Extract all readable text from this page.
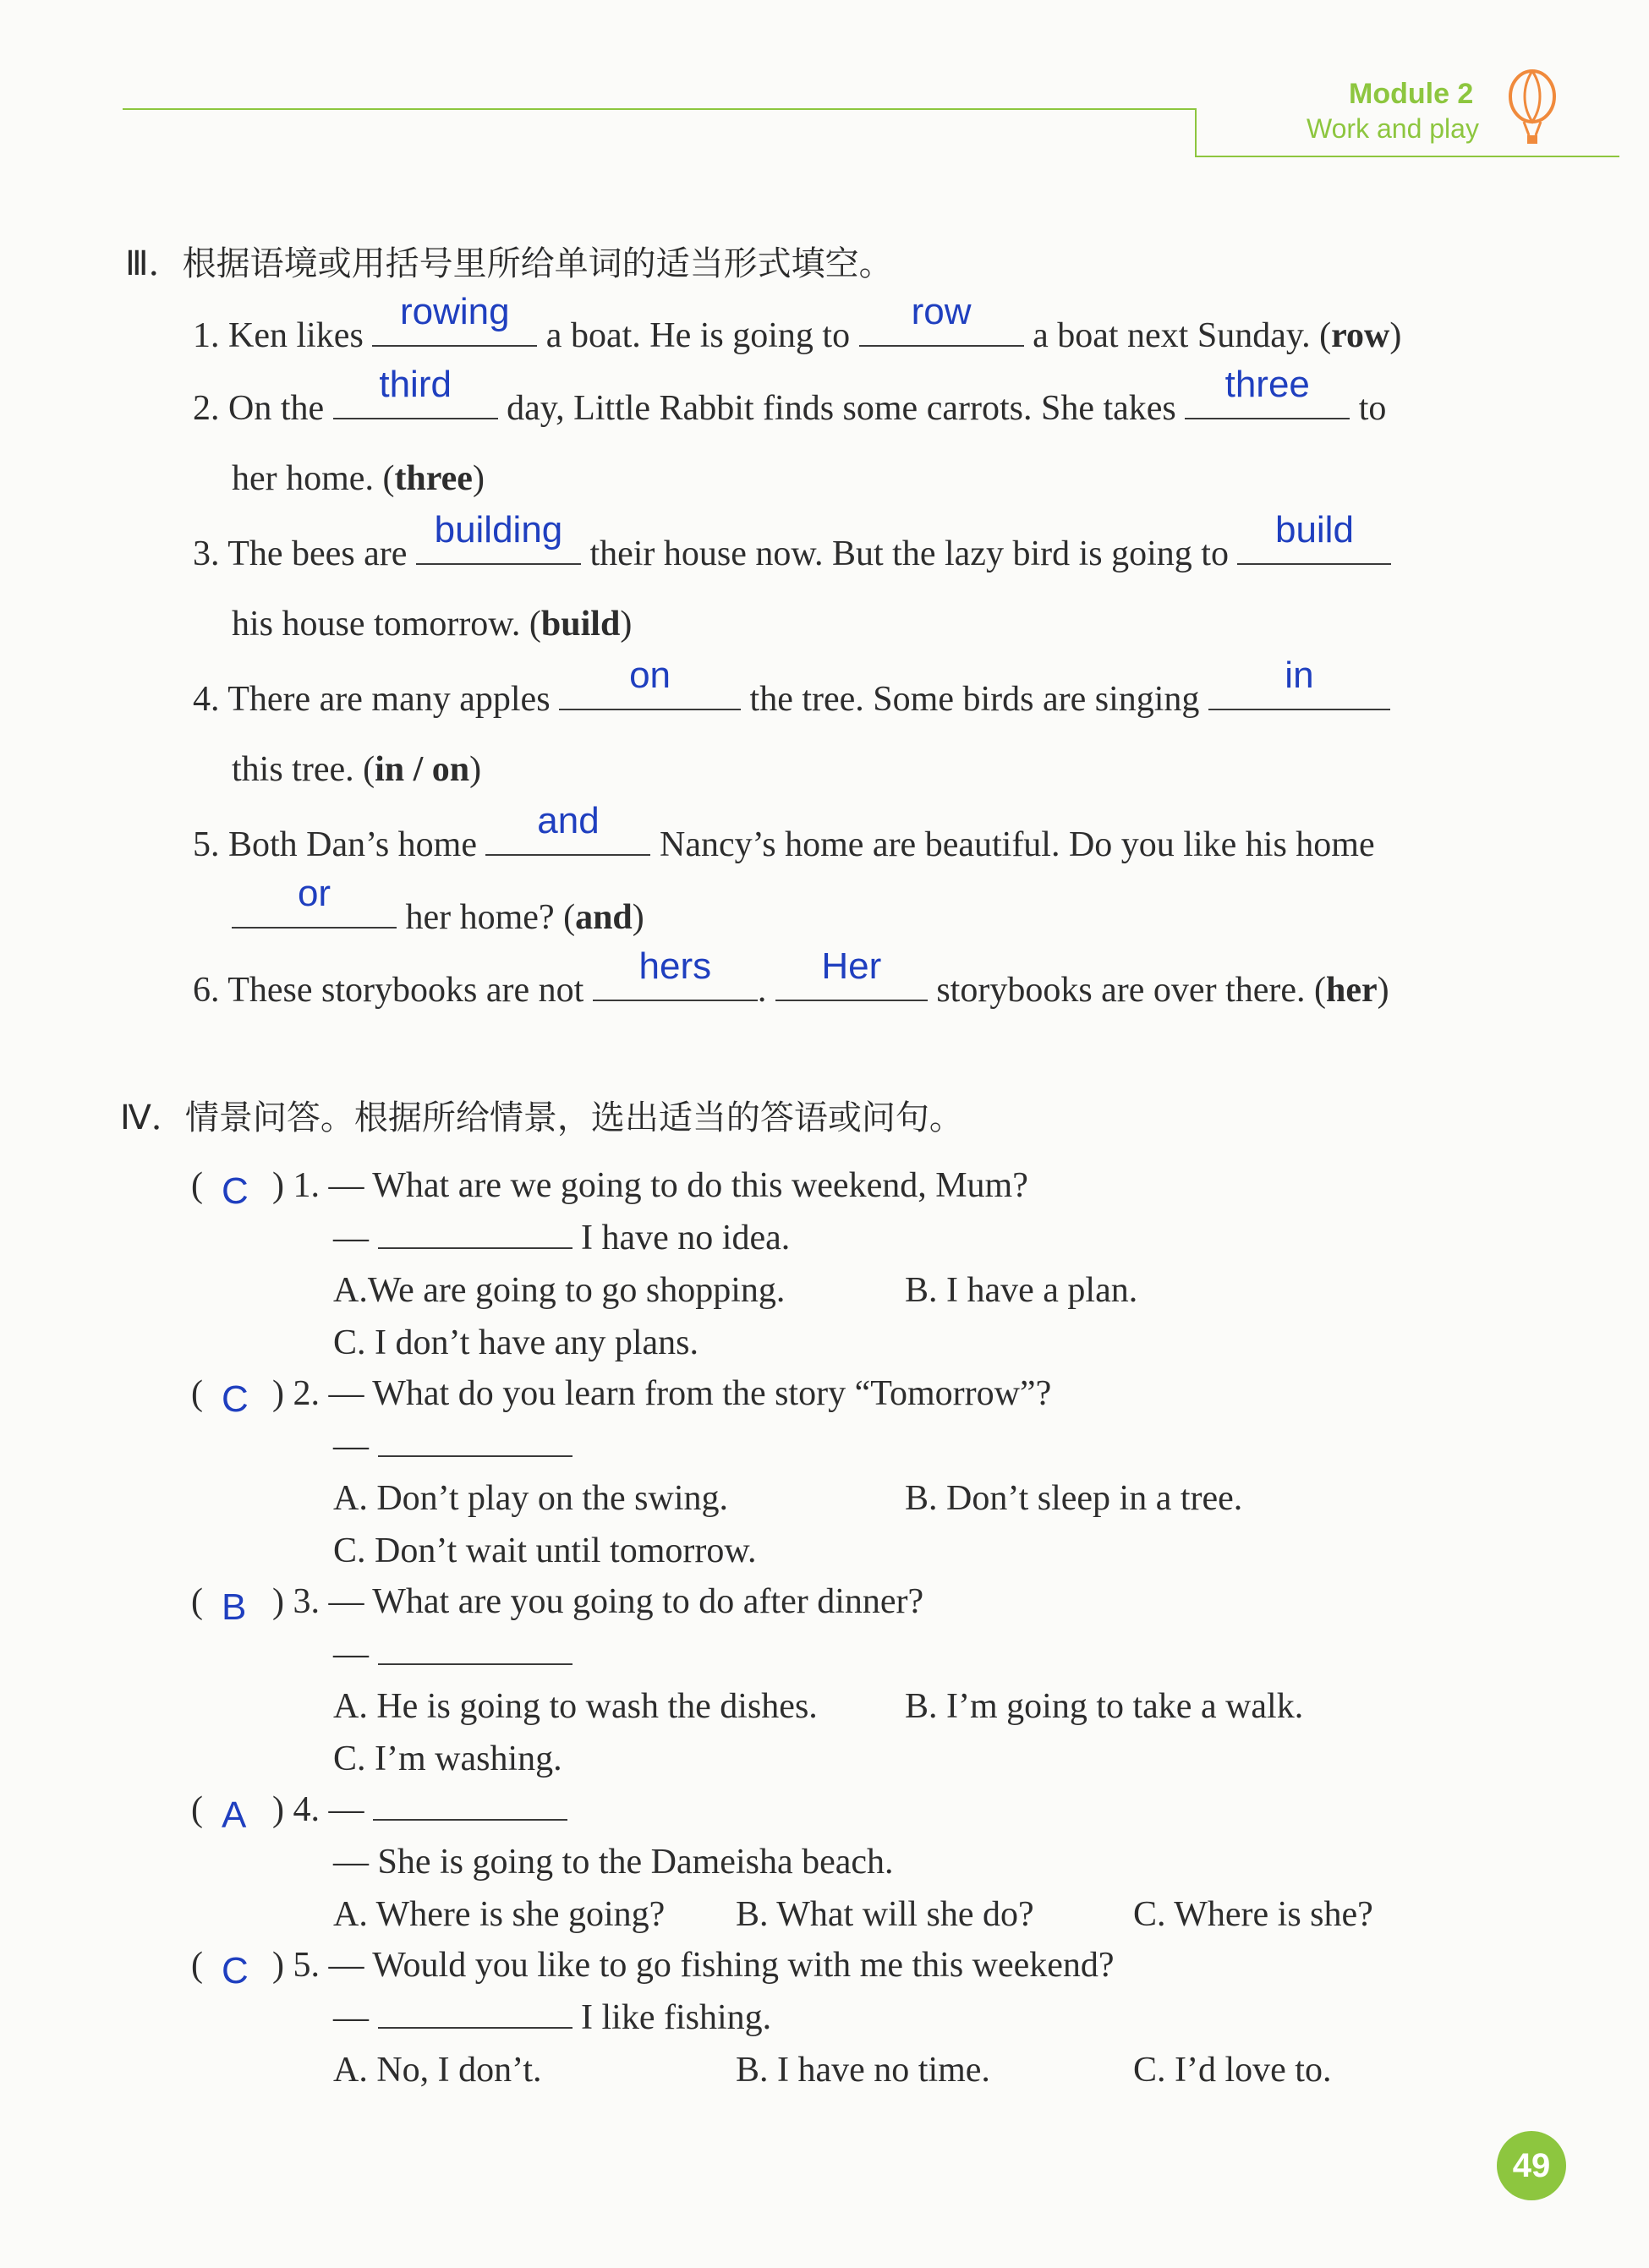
Module 2
Work and play
Ⅲ．根据语境或用括号里所给单词的适当形式填空。
1. Ken likes
rowing
a boat. He is going to
row
a boat next Sunday. (row)
2. On the
third
day, Little Rabbit finds some carrots. She takes
three
to
her home. (three)
3. The bees are
building
their house now. But the lazy bird is going to
build
his house tomorrow. (build)
4. There are many apples
on
the tree. Some birds are singing
in
this tree. (in / on)
5. Both Dan’s home
and
Nancy’s home are beautiful. Do you like his home
or
her home? (and)
6. These storybooks are not
hers
.
Her
storybooks are over there. (her)
Ⅳ．情景问答。根据所给情景，选出适当的答语或问句。
( C ) 1. — What are we going to do this weekend, Mum?
—	I have no idea.
A.We are going to go shopping.	B. I have a plan.
C. I don’t have any plans.
( C ) 2. — What do you learn from the story “Tomorrow”?
—
A. Don’t play on the swing.	B. Don’t sleep in a tree.
C. Don’t wait until tomorrow.
( B ) 3. — What are you going to do after dinner?
—
A. He is going to wash the dishes. B. I’m going to take a walk.
C. I’m washing.
( A ) 4. —
— She is going to the Dameisha beach.
A. Where is she going? B. What will she do?	C. Where is she?
( C ) 5. — Would you like to go fishing with me this weekend?
—	I like fishing.
A. No, I don’t.	B. I have no time.	C. I’d love to.
49
